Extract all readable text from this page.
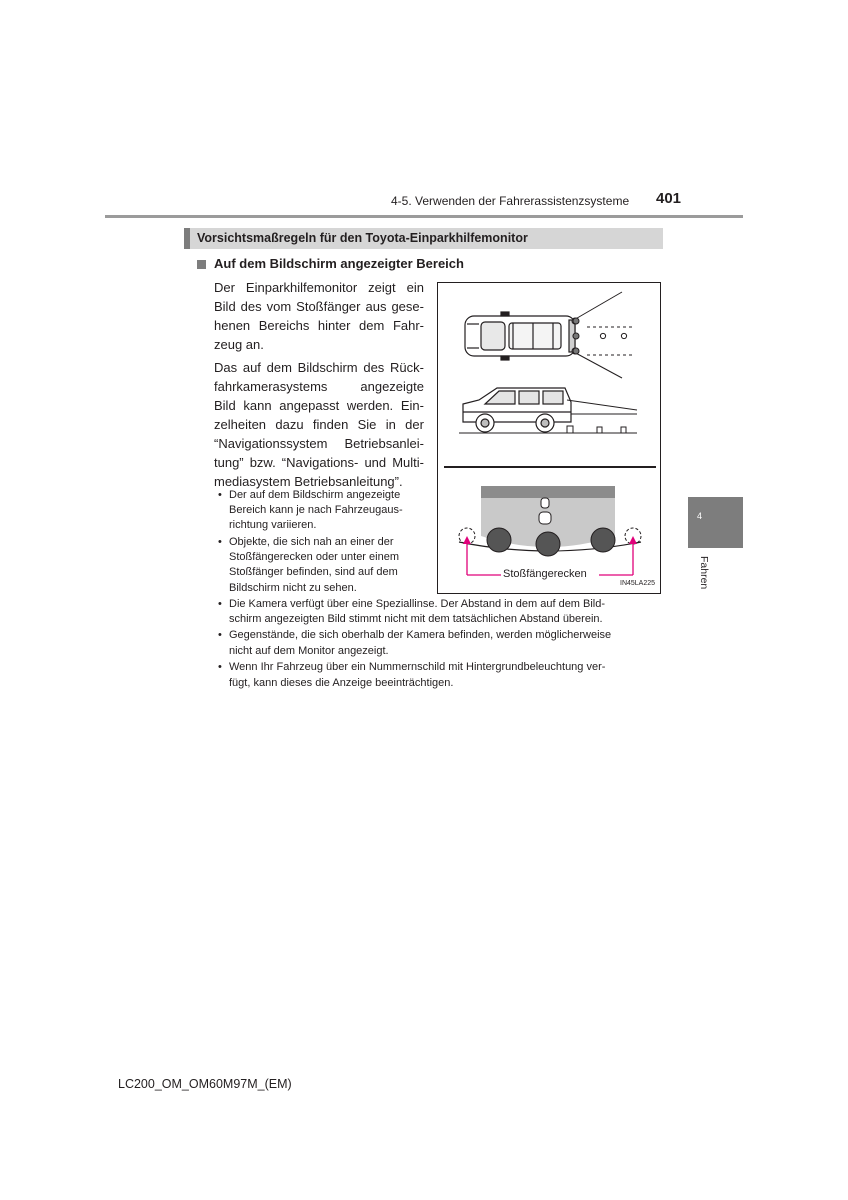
4-5. Verwenden der Fahrerassistenzsysteme 401
Vorsichtsmaßregeln für den Toyota-Einparkhilfemonitor
Auf dem Bildschirm angezeigter Bereich
Der Einparkhilfemonitor zeigt ein
Bild des vom Stoßfänger aus gese-
henen Bereichs hinter dem Fahr-
zeug an.
Das auf dem Bildschirm des Rück-
fahrkamerasystems	angezeigte
Bild kann angepasst werden. Ein-
zelheiten dazu finden Sie in der
“Navigationssystem Betriebsanlei-
tung” bzw. “Navigations- und Multi-
mediasystem Betriebsanleitung”.
• Der auf dem Bildschirm angezeigte
Bereich kann je nach Fahrzeugaus-
richtung variieren.
• Objekte, die sich nah an einer der
Stoßfängerecken oder unter einem
Stoßfänger befinden, sind auf dem
Bildschirm nicht zu sehen.
• Die Kamera verfügt über eine Speziallinse. Der Abstand in dem auf dem Bild-
schirm angezeigten Bild stimmt nicht mit dem tatsächlichen Abstand überein.
• Gegenstände, die sich oberhalb der Kamera befinden, werden möglicherweise
nicht auf dem Monitor angezeigt.
• Wenn Ihr Fahrzeug über ein Nummernschild mit Hintergrundbeleuchtung ver-
fügt, kann dieses die Anzeige beeinträchtigen.
Stoßfängerecken
IN45LA225
4
Fahren
LC200_OM_OM60M97M_(EM)
